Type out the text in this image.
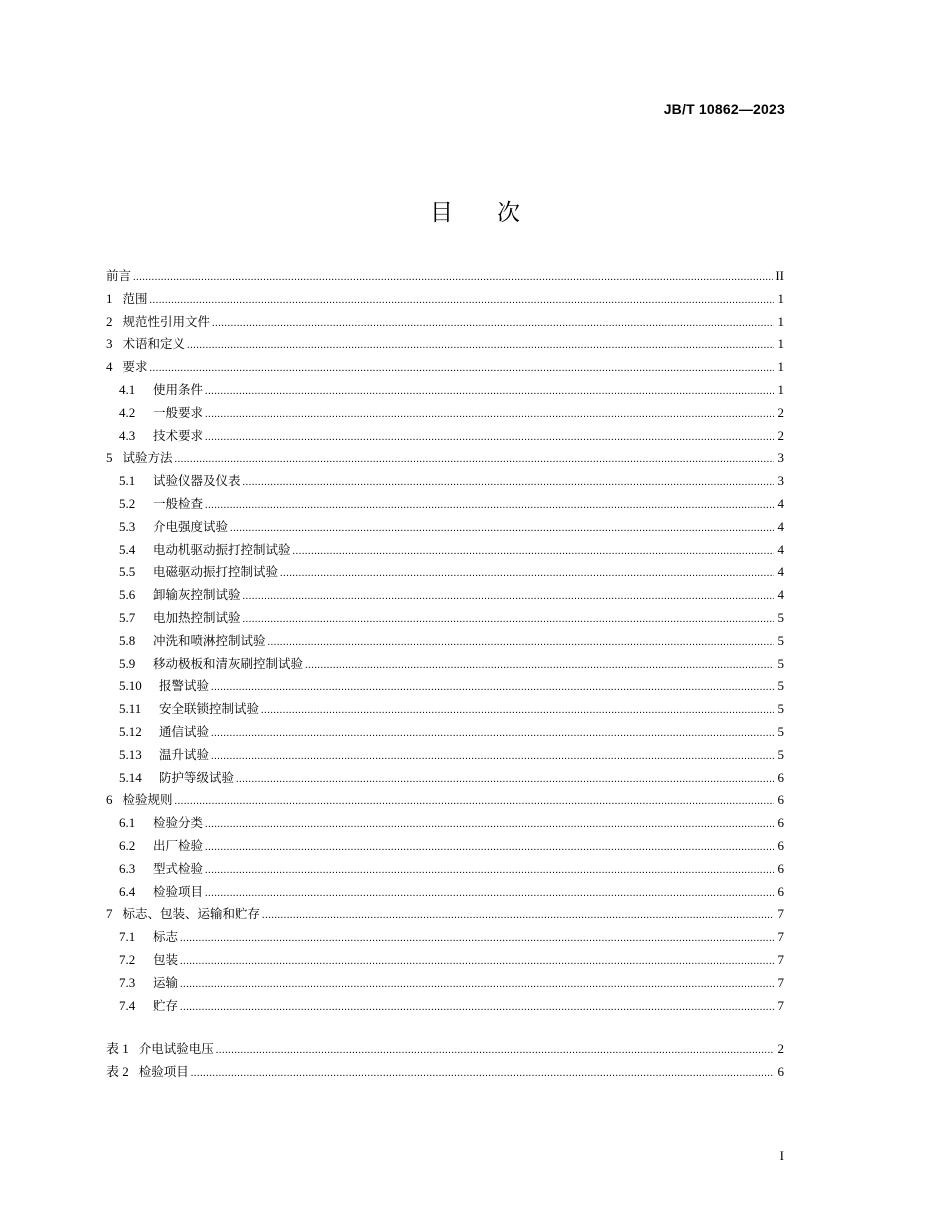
JB/T 10862—2023
目次
前言 .....	II
1 范围 .....	1
2 规范性引用文件 .....	1
3 术语和定义 .....	1
4 要求 .....	1
4.1	使用条件 .....	1
4.2	一般要求 .....	2
4.3	技术要求 .....	2
5 试验方法 .....	3
5.1	试验仪器及仪表 .....	3
5.2	一般检查 .....	4
5.3	介电强度试验 .....	4
5.4	电动机驱动振打控制试验 .....	4
5.5	电磁驱动振打控制试验 .....	4
5.6	卸输灰控制试验 .....	4
5.7	电加热控制试验 .....	5
5.8	冲洗和喷淋控制试验 .....	5
5.9	移动极板和清灰刷控制试验 .....	5
5.10	报警试验 .....	5
5.11	安全联锁控制试验 .....	5
5.12	通信试验 .....	5
5.13	温升试验 .....	5
5.14	防护等级试验 .....	6
6 检验规则 .....	6
6.1	检验分类 .....	6
6.2	出厂检验 .....	6
6.3	型式检验 .....	6
6.4	检验项目 .....	6
7 标志、包装、运输和贮存 .....	7
7.1	标志 .....	7
7.2	包装 .....	7
7.3	运输 .....	7
7.4	贮存 .....	7
表 1 介电试验电压 .....	2
表 2 检验项目 .....	6
I
